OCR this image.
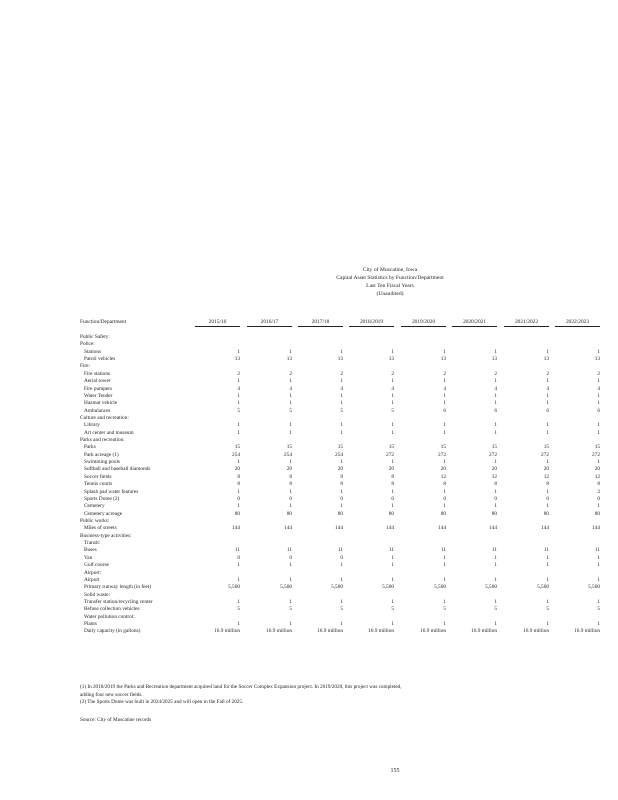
City of Muscatine, Iowa
Capital Asset Statistics by Function/Department
Last Ten Fiscal Years
(Unaudited)
Function/Department	2015/16	2016/17	2017/18	2018/2019	2019/2020	2020/2021	2021/2022	2022/2023
Public Safety:
Police:
Stations	1	1	1	1	1	1	1	1
Patrol vehicles	13	13	13	13	13	13	13	13
Fire:
Fire stations	2	2	2	2	2	2	2	2
Aerial tower	1	1	1	1	1	1	1	1
Fire pumpers	4	4	4	4	4	4	4	4
Water Tender	1	1	1	1	1	1	1	1
Hazmat vehicle	1	1	1	1	1	1	1	1
Ambulances	5	5	5	5	6	6	6	6
Culture and recreation:
Library	1	1	1	1	1	1	1	1
Art center and museum	1	1	1	1	1	1	1	1
Parks and recreation:
Parks	15	15	15	15	15	15	15	15
Park acreage (1)	254	254	254	272	272	272	272	272
Swimming pools	1	1	1	1	1	1	1	1
Softball and baseball diamonds	20	20	20	20	20	20	20	20
Soccer fields	8	8	8	8	12	12	12	12
Tennis courts	8	8	8	8	8	8	8	8
Splash pad water features	1	1	1	1	1	1	1	2
Sports Dome (2)	0	0	0	0	0	0	0	0
Cemetery	1	1	1	1	1	1	1	1
Cemetery acreage	80	80	80	80	80	80	80	80
Public works:
Miles of streets	144	144	144	144	144	144	144	144
Business-type activities:
Transit:
Buses	11	11	11	11	11	11	11	11
Van	0	0	0	1	1	1	1	1
Golf course	1	1	1	1	1	1	1	1
Airport:
Airport	1	1	1	1	1	1	1	1
Primary runway length (in feet)	5,500	5,500	5,500	5,500	5,500	5,500	5,500	5,500
Solid waste:
Transfer station/recycling center	1	1	1	1	1	1	1	1
Refuse collection vehicles	5	5	5	5	5	5	5	5
Water pollution control:
Plants	1	1	1	1	1	1	1	1
Daily capacity (in gallons)	16.9 million	16.9 million	16.9 million	16.9 million	16.9 million	16.9 million	16.9 million	16.9 million
(1) In 2018/2019 the Parks and Recreation department acquired land for the Soccer Complex Expansion project. In 2019/2020, this project was completed, adding four new soccer fields.
(2) The Sports Dome was built in 2024/2025 and will open in the Fall of 2025.
Source: City of Muscatine records
155
